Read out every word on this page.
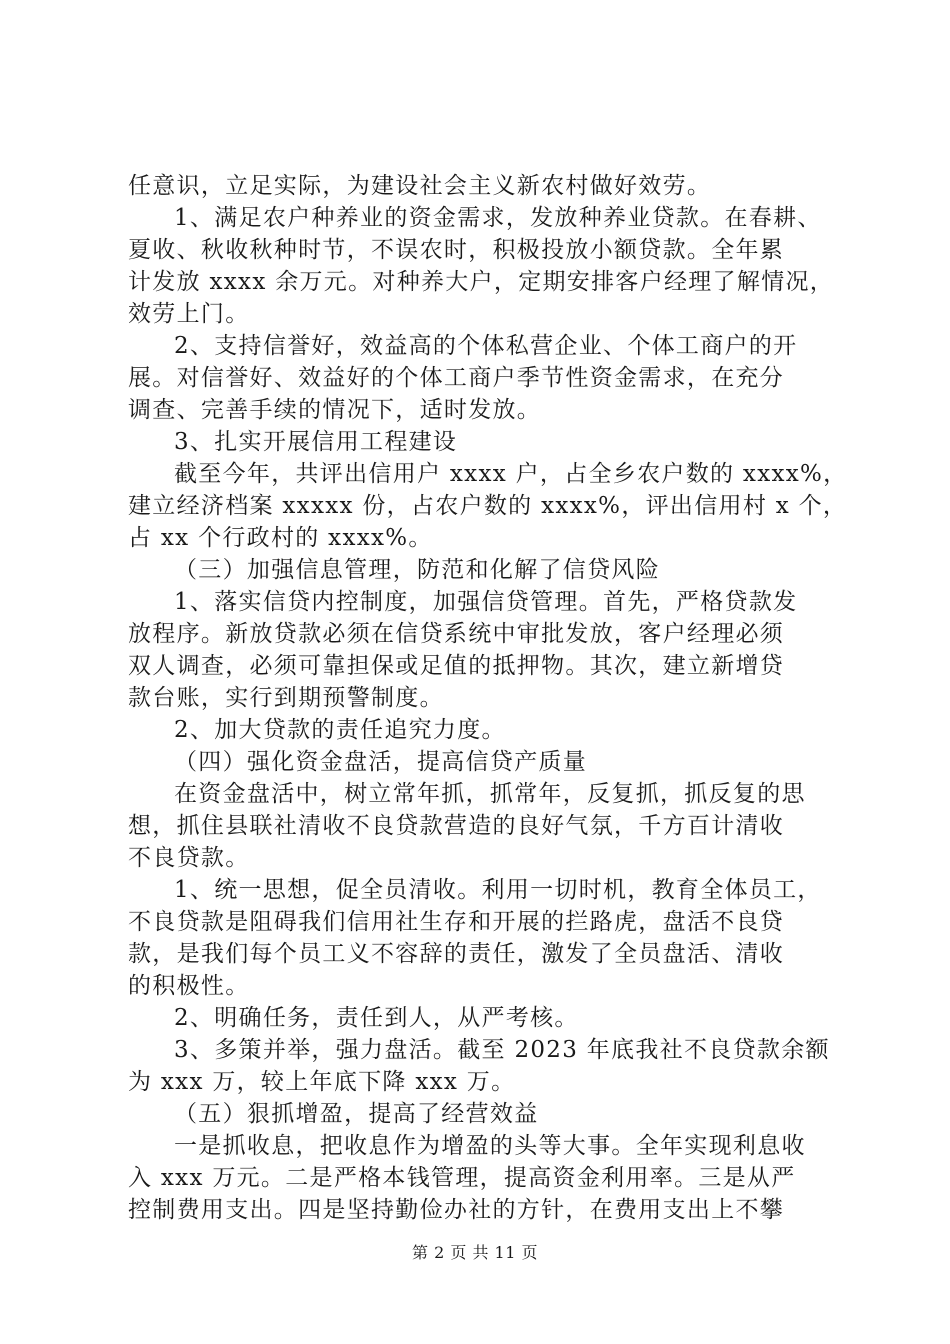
任意识，立足实际，为建设社会主义新农村做好效劳。
1、满足农户种养业的资金需求，发放种养业贷款。在春耕、
夏收、秋收秋种时节，不误农时，积极投放小额贷款。全年累
计发放 xxxx 余万元。对种养大户，定期安排客户经理了解情况，
效劳上门。
2、支持信誉好，效益高的个体私营企业、个体工商户的开
展。对信誉好、效益好的个体工商户季节性资金需求，在充分
调查、完善手续的情况下，适时发放。
3、扎实开展信用工程建设
截至今年，共评出信用户 xxxx 户，占全乡农户数的 xxxx%，
建立经济档案 xxxxx 份，占农户数的 xxxx%，评出信用村 x 个，
占 xx 个行政村的 xxxx%。
（三）加强信息管理，防范和化解了信贷风险
1、落实信贷内控制度，加强信贷管理。首先，严格贷款发
放程序。新放贷款必须在信贷系统中审批发放，客户经理必须
双人调查，必须可靠担保或足值的抵押物。其次，建立新增贷
款台账，实行到期预警制度。
2、加大贷款的责任追究力度。
（四）强化资金盘活，提高信贷产质量
在资金盘活中，树立常年抓，抓常年，反复抓，抓反复的思
想，抓住县联社清收不良贷款营造的良好气氛，千方百计清收
不良贷款。
1、统一思想，促全员清收。利用一切时机，教育全体员工，
不良贷款是阻碍我们信用社生存和开展的拦路虎，盘活不良贷
款，是我们每个员工义不容辞的责任，激发了全员盘活、清收
的积极性。
2、明确任务，责任到人，从严考核。
3、多策并举，强力盘活。截至 2023 年底我社不良贷款余额
为 xxx 万，较上年底下降 xxx 万。
（五）狠抓增盈，提高了经营效益
一是抓收息，把收息作为增盈的头等大事。全年实现利息收
入 xxx 万元。二是严格本钱管理，提高资金利用率。三是从严
控制费用支出。四是坚持勤俭办社的方针，在费用支出上不攀
第 2 页 共 11 页
